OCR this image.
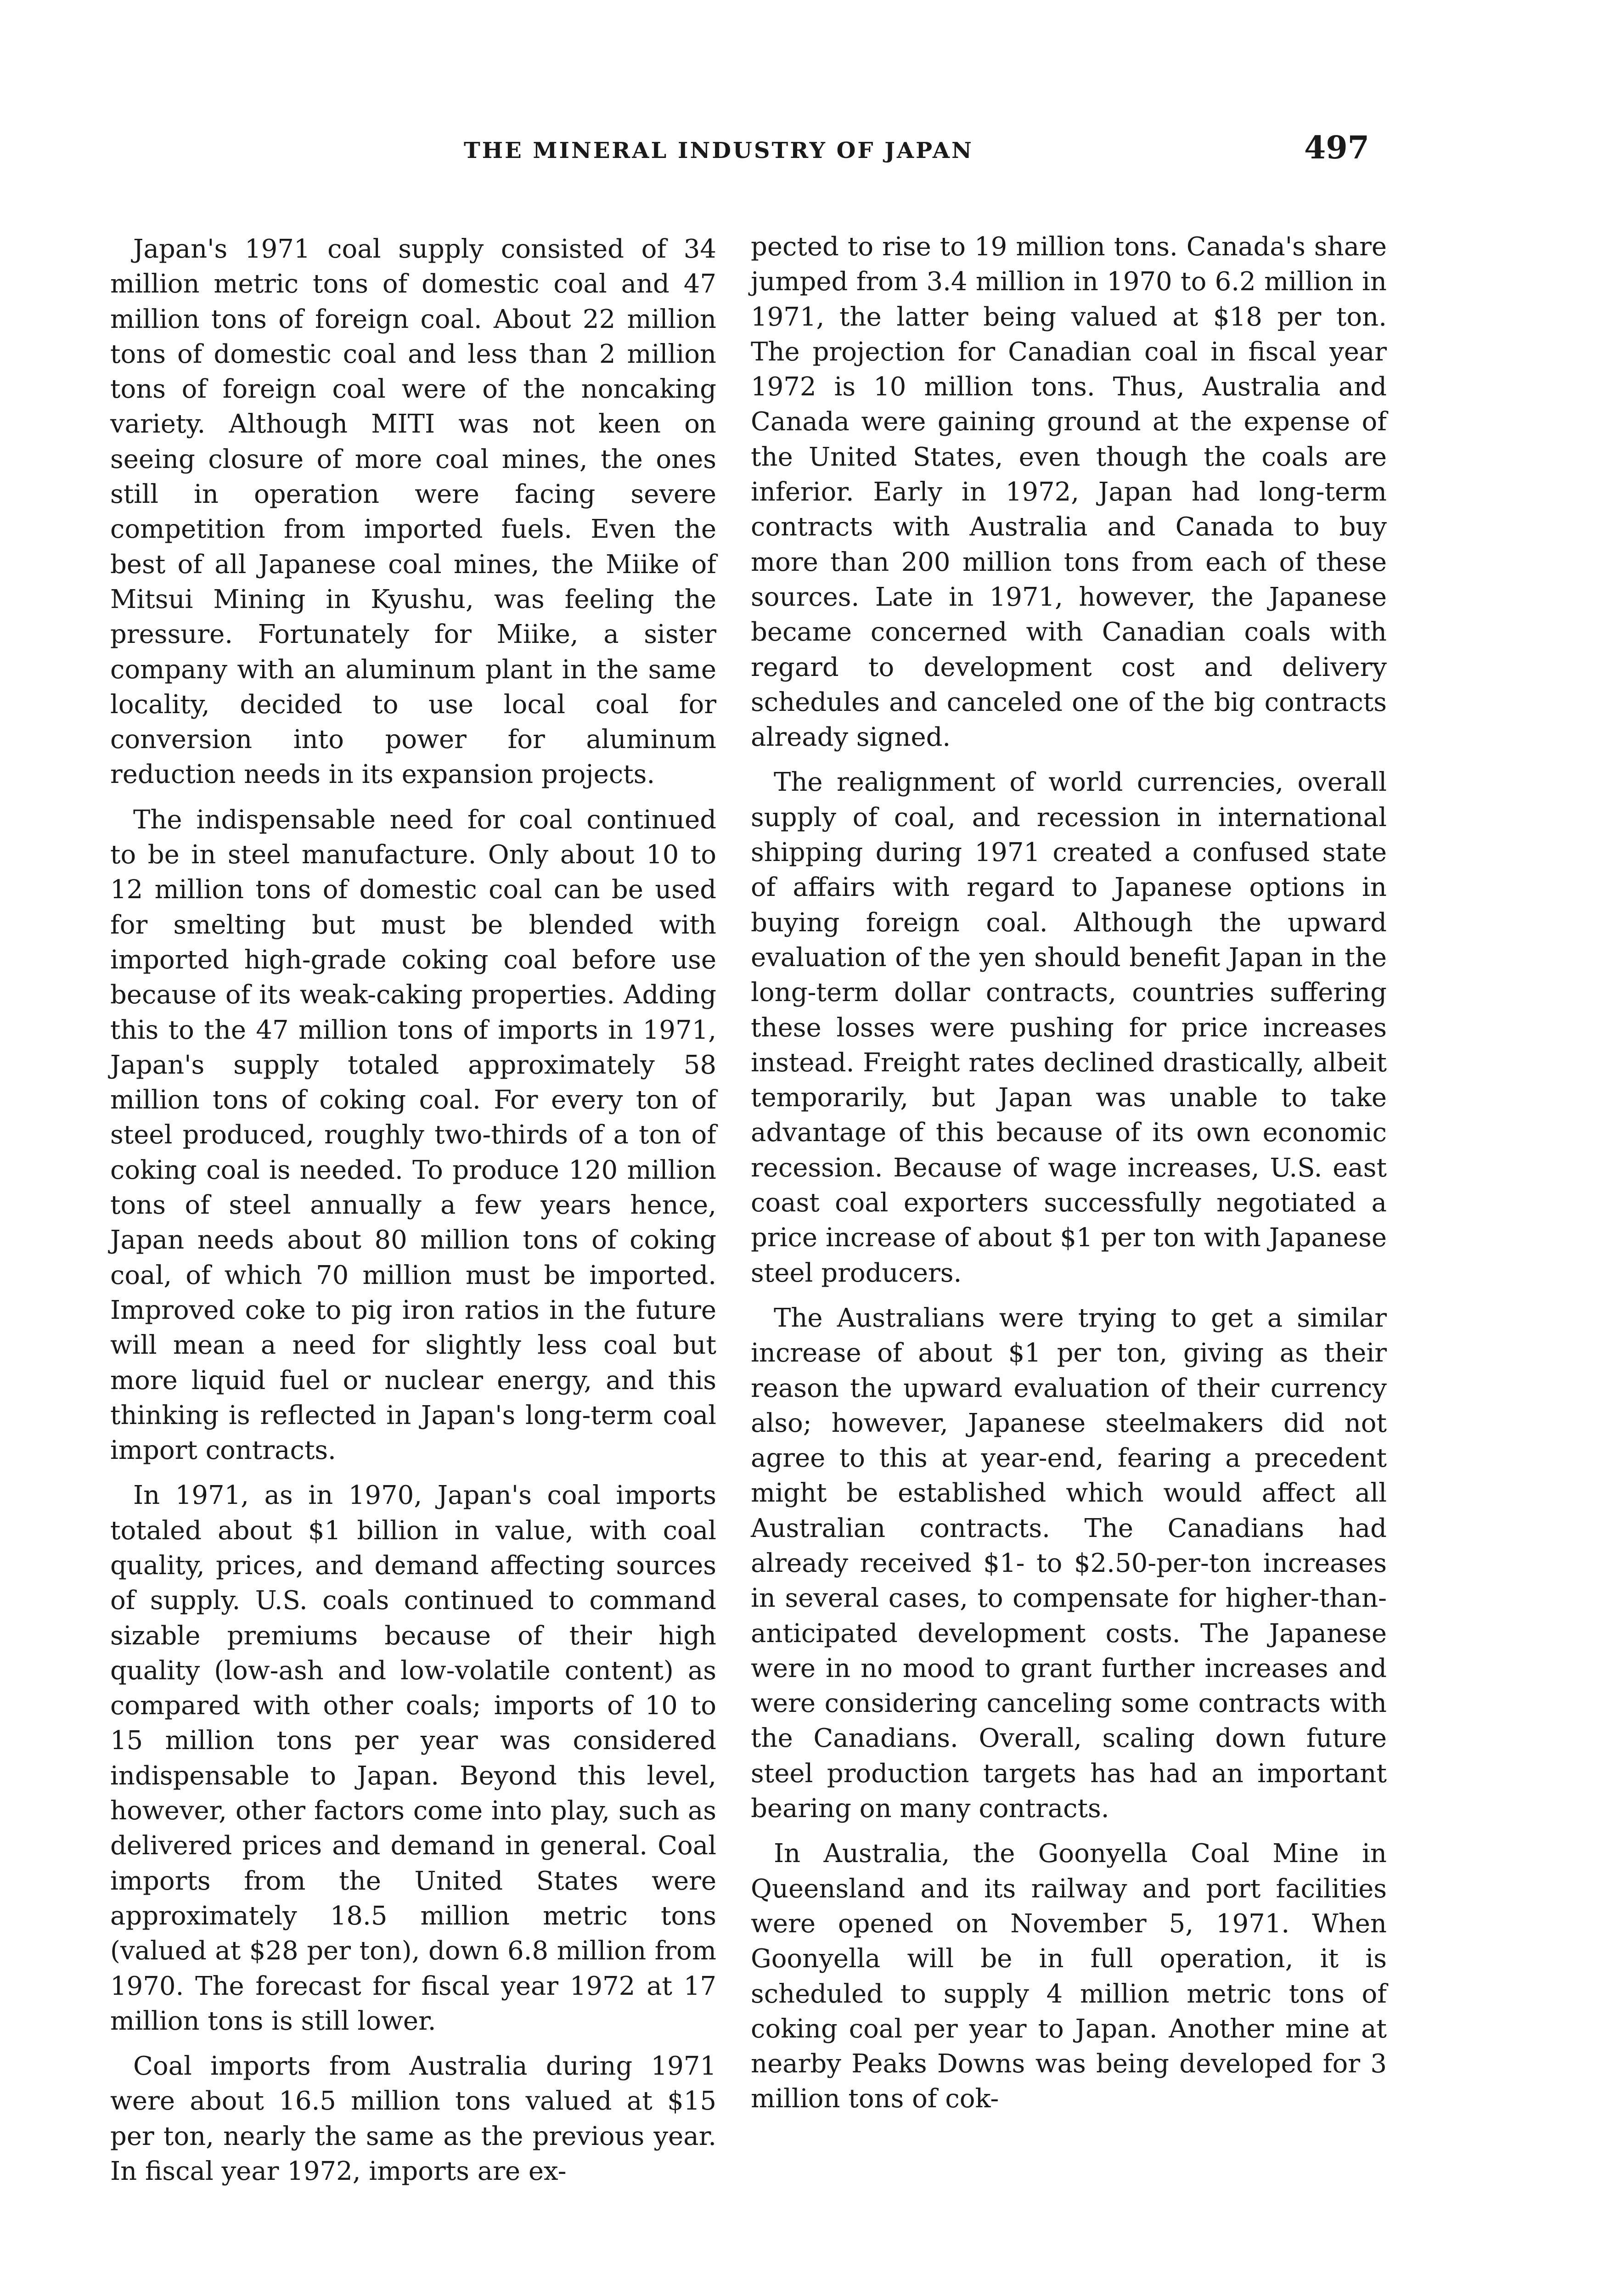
THE MINERAL INDUSTRY OF JAPAN	497

Japan's 1971 coal supply consisted of 34 million metric tons of domestic coal and 47 million tons of foreign coal. About 22 million tons of domestic coal and less than 2 million tons of foreign coal were of the noncaking variety. Although MITI was not keen on seeing closure of more coal mines, the ones still in operation were facing severe competition from imported fuels. Even the best of all Japanese coal mines, the Miike of Mitsui Mining in Kyushu, was feeling the pressure. Fortunately for Miike, a sister company with an aluminum plant in the same locality, decided to use local coal for conversion into power for aluminum reduction needs in its expansion projects.

The indispensable need for coal continued to be in steel manufacture. Only about 10 to 12 million tons of domestic coal can be used for smelting but must be blended with imported high-grade coking coal before use because of its weak-caking properties. Adding this to the 47 million tons of imports in 1971, Japan's supply totaled approximately 58 million tons of coking coal. For every ton of steel produced, roughly two-thirds of a ton of coking coal is needed. To produce 120 million tons of steel annually a few years hence, Japan needs about 80 million tons of coking coal, of which 70 million must be imported. Improved coke to pig iron ratios in the future will mean a need for slightly less coal but more liquid fuel or nuclear energy, and this thinking is reflected in Japan's long-term coal import contracts.

In 1971, as in 1970, Japan's coal imports totaled about $1 billion in value, with coal quality, prices, and demand affecting sources of supply. U.S. coals continued to command sizable premiums because of their high quality (low-ash and low-volatile content) as compared with other coals; imports of 10 to 15 million tons per year was considered indispensable to Japan. Beyond this level, however, other factors come into play, such as delivered prices and demand in general. Coal imports from the United States were approximately 18.5 million metric tons (valued at $28 per ton), down 6.8 million from 1970. The forecast for fiscal year 1972 at 17 million tons is still lower.

Coal imports from Australia during 1971 were about 16.5 million tons valued at $15 per ton, nearly the same as the previous year. In fiscal year 1972, imports are ex-

pected to rise to 19 million tons. Canada's share jumped from 3.4 million in 1970 to 6.2 million in 1971, the latter being valued at $18 per ton. The projection for Canadian coal in fiscal year 1972 is 10 million tons. Thus, Australia and Canada were gaining ground at the expense of the United States, even though the coals are inferior. Early in 1972, Japan had long-term contracts with Australia and Canada to buy more than 200 million tons from each of these sources. Late in 1971, however, the Japanese became concerned with Canadian coals with regard to development cost and delivery schedules and canceled one of the big contracts already signed.

The realignment of world currencies, overall supply of coal, and recession in international shipping during 1971 created a confused state of affairs with regard to Japanese options in buying foreign coal. Although the upward evaluation of the yen should benefit Japan in the long-term dollar contracts, countries suffering these losses were pushing for price increases instead. Freight rates declined drastically, albeit temporarily, but Japan was unable to take advantage of this because of its own economic recession. Because of wage increases, U.S. east coast coal exporters successfully negotiated a price increase of about $1 per ton with Japanese steel producers.

The Australians were trying to get a similar increase of about $1 per ton, giving as their reason the upward evaluation of their currency also; however, Japanese steelmakers did not agree to this at year-end, fearing a precedent might be established which would affect all Australian contracts. The Canadians had already received $1- to $2.50-per-ton increases in several cases, to compensate for higher-than-anticipated development costs. The Japanese were in no mood to grant further increases and were considering canceling some contracts with the Canadians. Overall, scaling down future steel production targets has had an important bearing on many contracts.

In Australia, the Goonyella Coal Mine in Queensland and its railway and port facilities were opened on November 5, 1971. When Goonyella will be in full operation, it is scheduled to supply 4 million metric tons of coking coal per year to Japan. Another mine at nearby Peaks Downs was being developed for 3 million tons of cok-
